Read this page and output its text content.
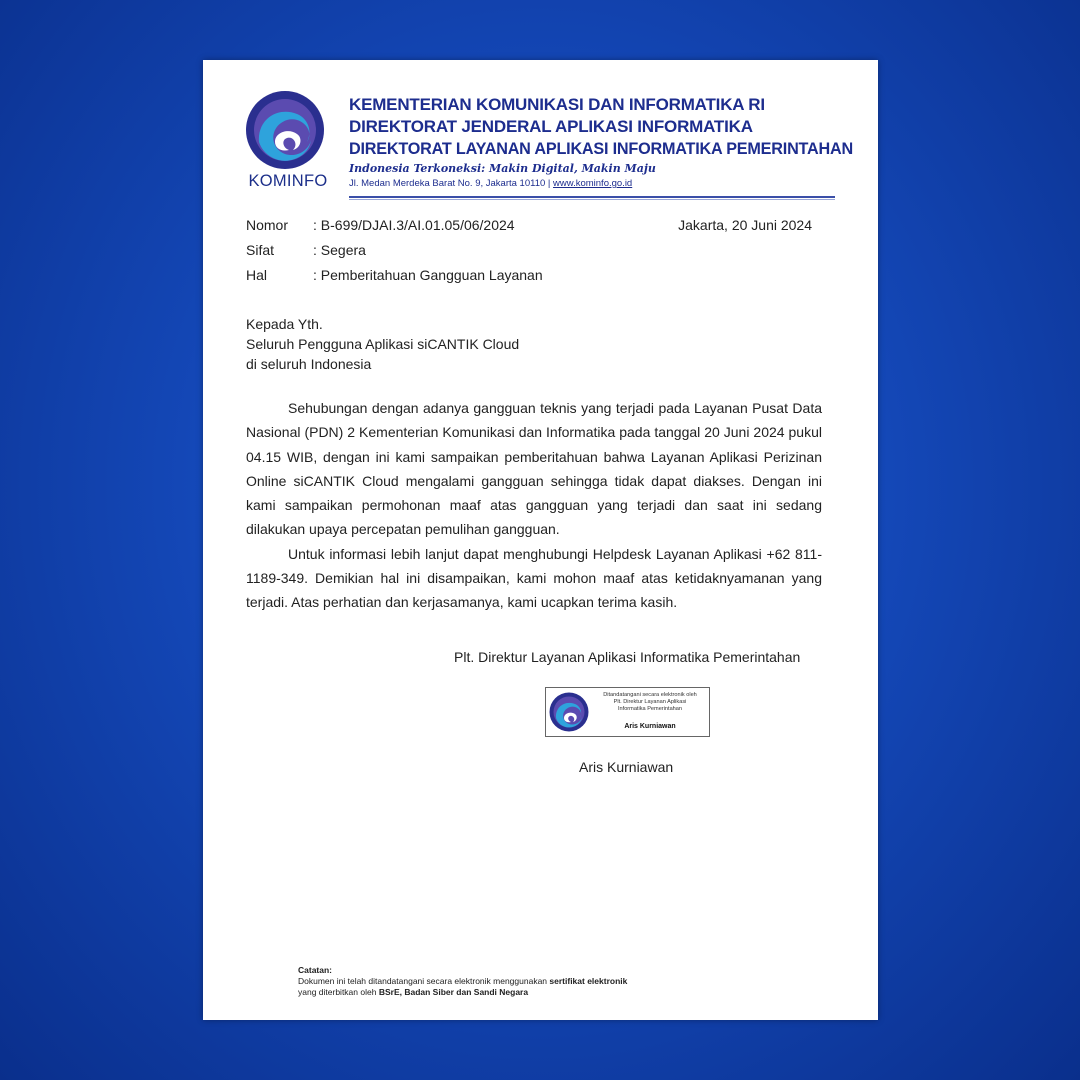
KOMINFO
KEMENTERIAN KOMUNIKASI DAN INFORMATIKA RI
DIREKTORAT JENDERAL APLIKASI INFORMATIKA
DIREKTORAT LAYANAN APLIKASI INFORMATIKA PEMERINTAHAN
Indonesia Terkoneksi: Makin Digital, Makin Maju
Jl. Medan Merdeka Barat No. 9, Jakarta 10110 | www.kominfo.go.id
Nomor : B-699/DJAI.3/AI.01.05/06/2024
Sifat	: Segera
Hal	: Pemberitahuan Gangguan Layanan
Jakarta, 20 Juni 2024
Kepada Yth.
Seluruh Pengguna Aplikasi siCANTIK Cloud
di seluruh Indonesia

Sehubungan dengan adanya gangguan teknis yang terjadi pada Layanan Pusat Data Nasional (PDN) 2 Kementerian Komunikasi dan Informatika pada tanggal 20 Juni 2024 pukul 04.15 WIB, dengan ini kami sampaikan pemberitahuan bahwa Layanan Aplikasi Perizinan Online siCANTIK Cloud mengalami gangguan sehingga tidak dapat diakses. Dengan ini kami sampaikan permohonan maaf atas gangguan yang terjadi dan saat ini sedang dilakukan upaya percepatan pemulihan gangguan.

Untuk informasi lebih lanjut dapat menghubungi Helpdesk Layanan Aplikasi +62 811-1189-349. Demikian hal ini disampaikan, kami mohon maaf atas ketidaknyamanan yang terjadi. Atas perhatian dan kerjasamanya, kami ucapkan terima kasih.

Plt. Direktur Layanan Aplikasi Informatika Pemerintahan
Ditandatangani secara elektronik oleh
Plt. Direktur Layanan Aplikasi
Informatika Pemerintahan
Aris Kurniawan
Aris Kurniawan
Catatan:
Dokumen ini telah ditandatangani secara elektronik menggunakan sertifikat elektronik
yang diterbitkan oleh BSrE, Badan Siber dan Sandi Negara
